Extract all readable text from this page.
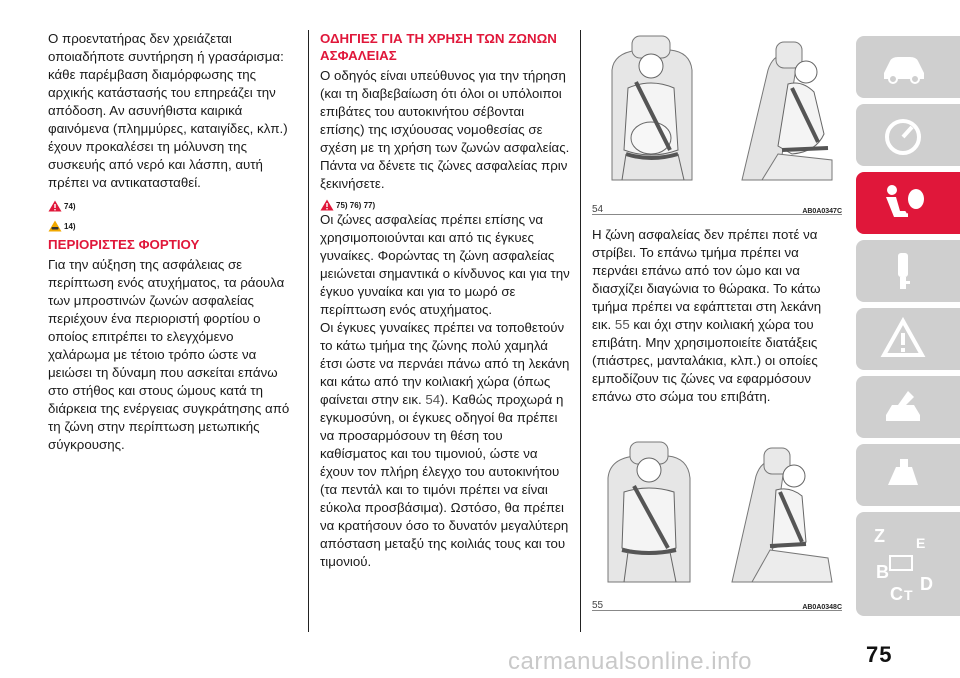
Ο προεντατήρας δεν χρειάζεται οποιαδήποτε συντήρηση ή γρασάρισμα: κάθε παρέμβαση διαμόρφωσης της αρχικής κατάστασής του επηρεάζει την απόδοση. Αν ασυνήθιστα καιρικά φαινόμενα (πλημμύρες, καταιγίδες, κλπ.) έχουν προκαλέσει τη μόλυνση της συσκευής από νερό και λάσπη, αυτή πρέπει να αντικατασταθεί.

74)
14)
ΠΕΡΙΟΡΙΣΤΕΣ ΦΟΡΤΙΟΥ

Για την αύξηση της ασφάλειας σε περίπτωση ενός ατυχήματος, τα ράουλα των μπροστινών ζωνών ασφαλείας περιέχουν ένα περιοριστή φορτίου ο οποίος επιτρέπει το ελεγχόμενο χαλάρωμα με τέτοιο τρόπο ώστε να μειώσει τη δύναμη που ασκείται επάνω στο στήθος και στους ώμους κατά τη διάρκεια της ενέργειας συγκράτησης από τη ζώνη στην περίπτωση μετωπικής σύγκρουσης.

ΟΔΗΓΙΕΣ ΓΙΑ ΤΗ ΧΡΗΣΗ ΤΩΝ ΖΩΝΩΝ ΑΣΦΑΛΕΙΑΣ

Ο οδηγός είναι υπεύθυνος για την τήρηση (και τη διαβεβαίωση ότι όλοι οι υπόλοιποι επιβάτες του αυτοκινήτου σέβονται επίσης) της ισχύουσας νομοθεσίας σε σχέση με τη χρήση των ζωνών ασφαλείας. Πάντα να δένετε τις ζώνες ασφαλείας πριν ξεκινήσετε.

75) 76) 77)

Οι ζώνες ασφαλείας πρέπει επίσης να χρησιμοποιούνται και από τις έγκυες γυναίκες. Φορώντας τη ζώνη ασφαλείας μειώνεται σημαντικά ο κίνδυνος και για την έγκυο γυναίκα και για το μωρό σε περίπτωση ενός ατυχήματος.

Οι έγκυες γυναίκες πρέπει να τοποθετούν το κάτω τμήμα της ζώνης πολύ χαμηλά έτσι ώστε να περνάει πάνω από τη λεκάνη και κάτω από την κοιλιακή χώρα (όπως φαίνεται στην εικ. 54). Καθώς προχωρά η εγκυμοσύνη, οι έγκυες οδηγοί θα πρέπει να προσαρμόσουν τη θέση του καθίσματος και του τιμονιού, ώστε να έχουν τον πλήρη έλεγχο του αυτοκινήτου (τα πεντάλ και το τιμόνι πρέπει να είναι εύκολα προσβάσιμα). Ωστόσο, θα πρέπει να κρατήσουν όσο το δυνατόν μεγαλύτερη απόσταση μεταξύ της κοιλιάς τους και του τιμονιού.

54	AB0A0347C

Η ζώνη ασφαλείας δεν πρέπει ποτέ να στρίβει. Το επάνω τμήμα πρέπει να περνάει επάνω από τον ώμο και να διασχίζει διαγώνια το θώρακα. Το κάτω τμήμα πρέπει να εφάπτεται στη λεκάνη εικ. 55 και όχι στην κοιλιακή χώρα του επιβάτη. Μην χρησιμοποιείτε διατάξεις (πιάστρες, μανταλάκια, κλπ.) οι οποίες εμποδίζουν τις ζώνες να εφαρμόσουν επάνω στο σώμα του επιβάτη.

55	AB0A0348C
Z
B
C D
E
T
carmanualsonline.info	75
